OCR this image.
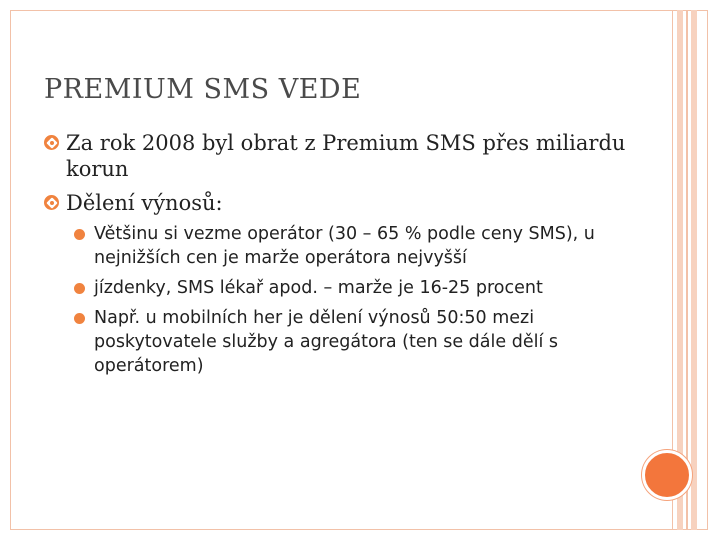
PREMIUM SMS VEDE
Za rok 2008 byl obrat z Premium SMS přes miliardu korun
Dělení výnosů:
Většinu si vezme operátor (30 – 65 % podle ceny SMS), u nejnižších cen je marže operátora nejvyšší
jízdenky, SMS lékař apod. – marže je 16-25 procent
Např. u mobilních her je dělení výnosů 50:50 mezi poskytovatele služby a agregátora (ten se dále dělí s operátorem)
